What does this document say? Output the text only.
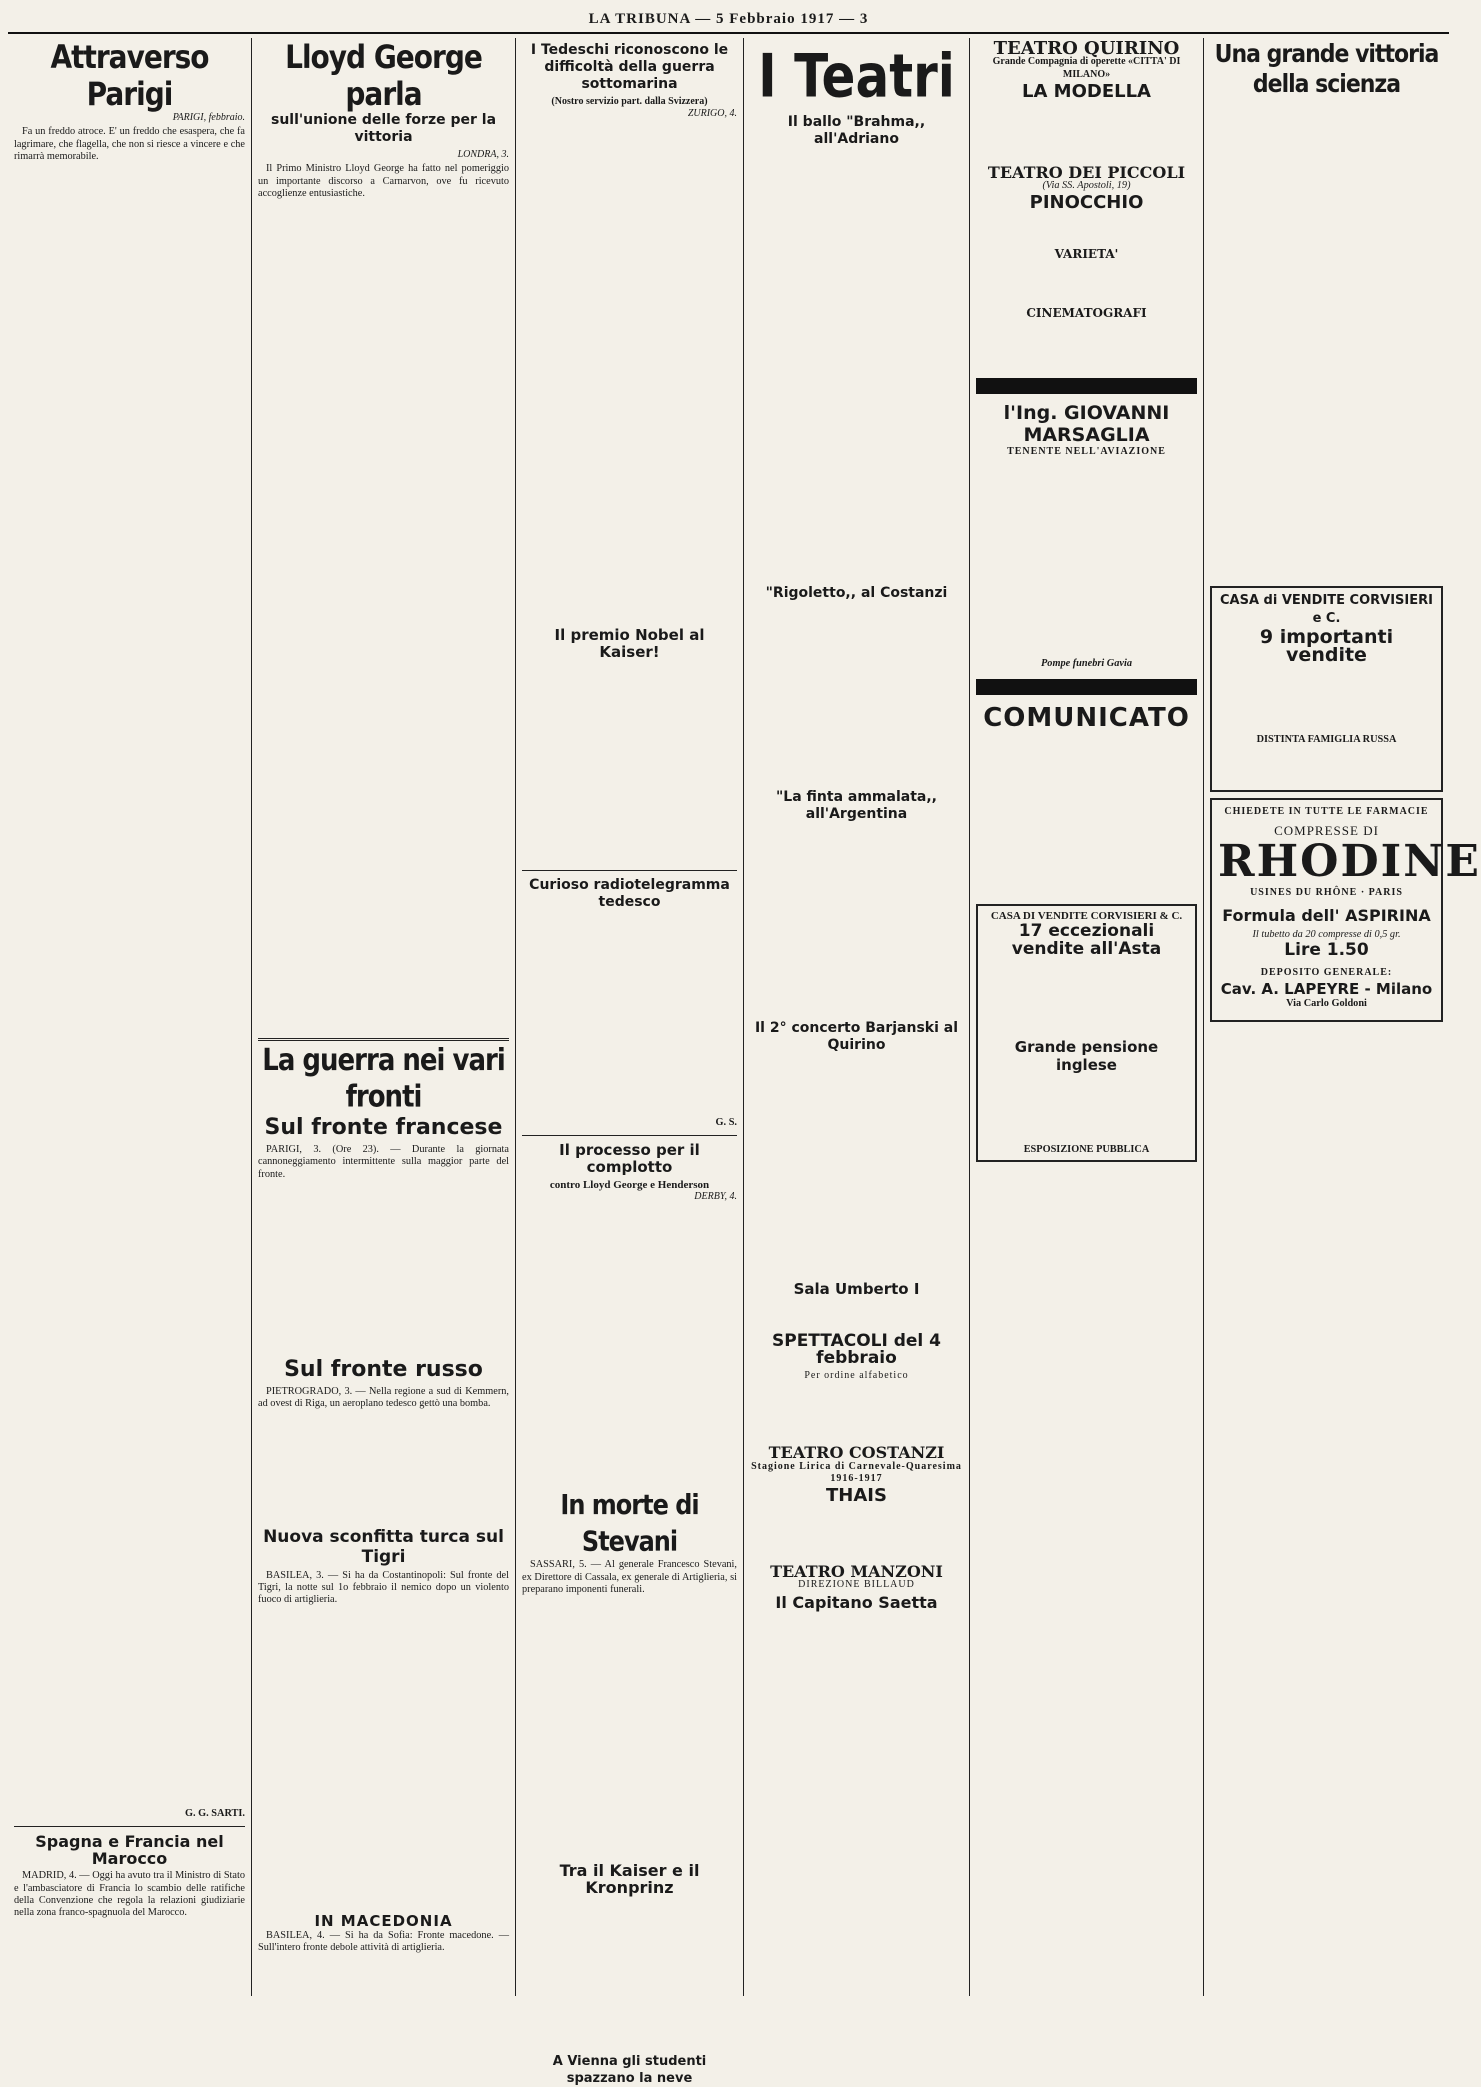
LA TRIBUNA — 5 Febbraio 1917 — 3
Attraverso Parigi
PARIGI, febbraio.

Fa un freddo atroce. E' un freddo che esaspera, che fa lagrimare, che flagella, che non si riesce a vincere e che rimarrà memorabile.

G. G. SARTI.
Spagna e Francia nel Marocco

MADRID, 4. — Oggi ha avuto tra il Ministro di Stato e l'ambasciatore di Francia lo scambio delle ratifiche della Convenzione che regola la relazioni giudiziarie nella zona franco-spagnuola del Marocco.

Lloyd George parla
sull'unione delle forze per la vittoria
LONDRA, 3.

Il Primo Ministro Lloyd George ha fatto nel pomeriggio un importante discorso a Carnarvon, ove fu ricevuto accoglienze entusiastiche.

La guerra nei vari fronti
Sul fronte francese

PARIGI, 3. (Ore 23). — Durante la giornata cannoneggiamento intermittente sulla maggior parte del fronte.

Sul fronte russo

PIETROGRADO, 3. — Nella regione a sud di Kemmern, ad ovest di Riga, un aeroplano tedesco gettò una bomba.

Nuova sconfitta turca sul Tigri

BASILEA, 3. — Si ha da Costantinopoli: Sul fronte del Tigri, la notte sul 1o febbraio il nemico dopo un violento fuoco di artiglieria.

IN MACEDONIA

BASILEA, 4. — Si ha da Sofia: Fronte macedone. — Sull'intero fronte debole attività di artiglieria.

I Tedeschi riconoscono le difficoltà della guerra sottomarina
(Nostro servizio part. dalla Svizzera)
ZURIGO, 4.
Il premio Nobel al Kaiser!
Curioso radiotelegramma tedesco
G. S.
Il processo per il complotto
contro Lloyd George e Henderson
DERBY, 4.
In morte di Stevani

SASSARI, 5. — Al generale Francesco Stevani, ex Direttore di Cassala, ex generale di Artiglieria, si preparano imponenti funerali.

Tra il Kaiser e il Kronprinz
A Vienna gli studenti spazzano la neve
I Teatri
Il ballo "Brahma,, all'Adriano
"Rigoletto,, al Costanzi
"La finta ammalata,, all'Argentina
Il 2° concerto Barjanski al Quirino
Sala Umberto I
SPETTACOLI del 4 febbraio
Per ordine alfabetico
TEATRO COSTANZI
Stagione Lirica di Carnevale-Quaresima 1916-1917
THAIS
TEATRO MANZONI
DIREZIONE BILLAUD
Il Capitano Saetta
TEATRO QUIRINO
Grande Compagnia di operette «CITTA' DI MILANO»
LA MODELLA
TEATRO DEI PICCOLI
(Via SS. Apostoli, 19)
PINOCCHIO
VARIETA'
CINEMATOGRAFI
l'Ing. GIOVANNI MARSAGLIA
TENENTE NELL'AVIAZIONE
Pompe funebri Gavia
COMUNICATO
CASA DI VENDITE CORVISIERI & C.
17 eccezionali vendite all'Asta
Grande pensione inglese
ESPOSIZIONE PUBBLICA
Una grande vittoria della scienza
CASA di VENDITE CORVISIERI e C.
9 importanti vendite
DISTINTA FAMIGLIA RUSSA
CHIEDETE IN TUTTE LE FARMACIE
COMPRESSE DI
RHODINE
USINES DU RHÔNE · PARIS
Formula dell' ASPIRINA
Il tubetto da 20 compresse di 0,5 gr.
Lire 1.50
DEPOSITO GENERALE:
Cav. A. LAPEYRE - Milano
Via Carlo Goldoni
